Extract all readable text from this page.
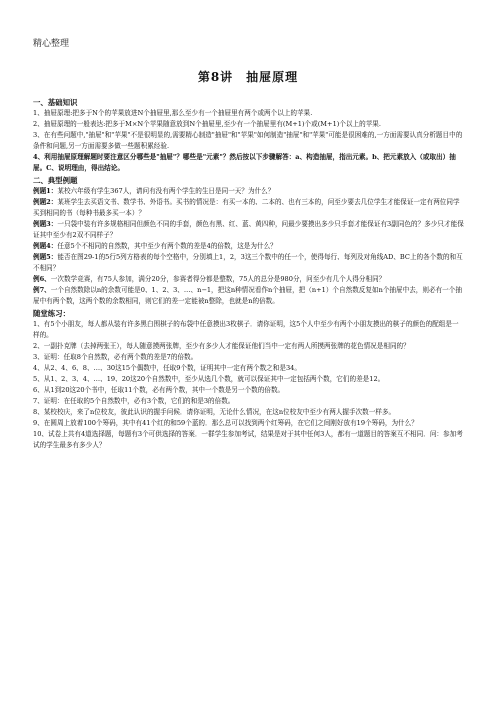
精心整理
第8讲　抽屉原理
一、基础知识

1、抽屉原理:把多于N个的苹果放进N个抽屉里,那么至少有一个抽屉里有两个或两个以上的苹果.

2、抽屉原理的一般表达:把多于M×N个苹果随意放到N个抽屉里,至少有一个抽屉里有(M+1)个或(M+1)个以上的苹果.

3、在有些问题中,"抽屉"和"苹果"不是很明显的,需要精心制造"抽屉"和"苹果"如何制造"抽屉"和"苹果"可能是很困难的,一方面需要认真分析题目中的条件和问题,另一方面需要多做一些题积累经验.

4、利用抽屉原理解题时要注意区分哪些是"抽屉"？哪些是"元素"？然后按以下步骤解答：a、构造抽屉，指出元素。b、把元素放入（或取出）抽屉。C、说明理由，得出结论。

二、典型例题

例题1：某校六年级有学生367人，请问有没有两个学生的生日是同一天？为什么？

例题2：某班学生去买语文书、数学书、外语书。买书的情况是：有买一本的、二本的、也有三本的，问至少要去几位学生才能保证一定有两位同学买到相同的书（每种书最多买一本）？

例题3：一只袋中装有许多规格相同但颜色不同的手套，颜色有黑、红、蓝、黄四种，问最少要摸出多少只手套才能保证有3副同色的？多少只才能保证其中至少有2双不同样子？

例题4：任意5个不相同的自然数，其中至少有两个数的差是4的倍数，这是为什么？

例题5：能否在图29-1的5行5列方格表的每个空格中，分别填上1，2，3这三个数中的任一个，使得每行、每列及对角线AD、BC上的各个数的和互不相同？

例6、一次数学竞赛，有75人参加，满分20分，参赛者得分都是整数，75人的总分是980分，问至少有几个人得分相同？

例7、一个自然数除以n的余数可能是0、1、2、3、…、n−1，把这n种情况看作n个抽屉，把（n+1）个自然数反复如n个抽屉中去，则必有一个抽屉中有两个数，这两个数的余数相同，则它们的差一定能被n整除，也就是n的倍数。

随堂练习：

1、有5个小朋友，每人都从装有许多黑白围棋子的布袋中任意摸出3枚棋子．请你证明，这5个人中至少有两个小朋友摸出的棋子的颜色的配组是一样的。

2、一副扑克牌（去掉两张王），每人随意摸两张牌，至少有多少人才能保证他们当中一定有两人所摸两张牌的花色情况是相同的？

3、证明：任取8个自然数，必有两个数的差是7的倍数。

4、从2、4、6、8、…、30这15个偶数中，任取9个数，证明其中一定有两个数之和是34。

5、从1、2、3、4、…、19、20这20个自然数中，至少从选几个数，就可以保证其中一定包括两个数，它们的差是12。

6、从1到20这20个书中，任取11个数，必有两个数，其中一个数是另一个数的倍数。

7、证明：在任取的5个自然数中，必有3个数，它们的和是3的倍数。

8、某校校庆，来了n位校友，彼此认识的握手问候．请你证明，无论什么情况，在这n位校友中至少有两人握手次数一样多。

9、在圆周上放着100个筹码，其中有41个红的和59个蓝的．那么总可以找到两个红筹码，在它们之间刚好放有19个筹码，为什么？

10、试卷上共有4道选择题，每题有3个可供选择的答案．一群学生参加考试，结果是对于其中任何3人，都有一道题目的答案互不相同．问：参加考试的学生最多有多少人？
